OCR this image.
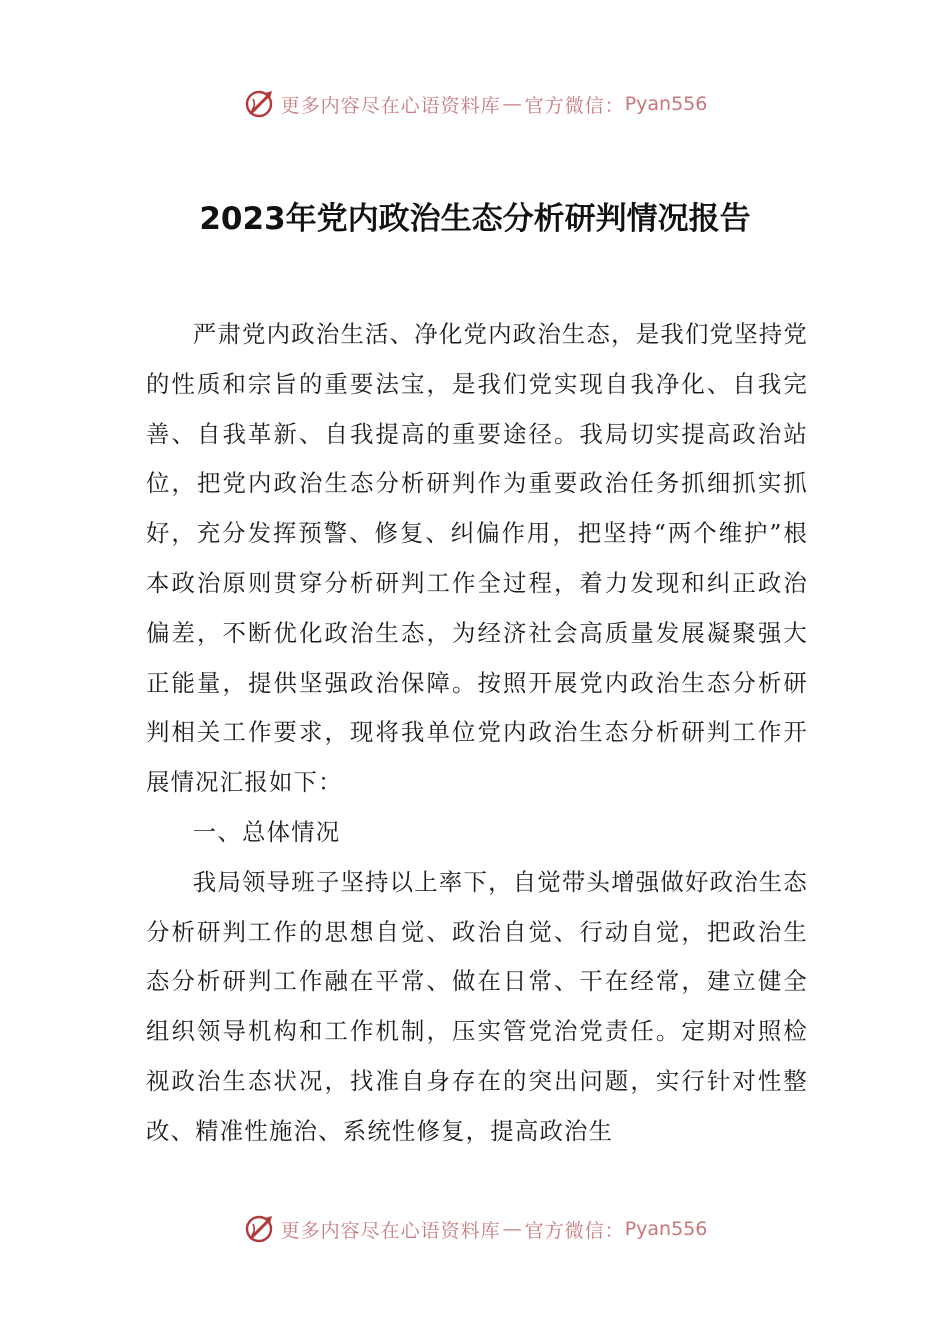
更多内容尽在心语资料库 — 官方微信： Pyan556
2023年党内政治生态分析研判情况报告

严肃党内政治生活、净化党内政治生态，是我们党坚持党的性质和宗旨的重要法宝，是我们党实现自我净化、自我完善、自我革新、自我提高的重要途径。我局切实提高政治站位，把党内政治生态分析研判作为重要政治任务抓细抓实抓好，充分发挥预警、修复、纠偏作用，把坚持“两个维护”根本政治原则贯穿分析研判工作全过程，着力发现和纠正政治偏差，不断优化政治生态，为经济社会高质量发展凝聚强大正能量，提供坚强政治保障。按照开展党内政治生态分析研判相关工作要求，现将我单位党内政治生态分析研判工作开展情况汇报如下：

一、总体情况

我局领导班子坚持以上率下，自觉带头增强做好政治生态分析研判工作的思想自觉、政治自觉、行动自觉，把政治生态分析研判工作融在平常、做在日常、干在经常，建立健全组织领导机构和工作机制，压实管党治党责任。定期对照检视政治生态状况，找准自身存在的突出问题，实行针对性整改、精准性施治、系统性修复，提高政治生

更多内容尽在心语资料库 — 官方微信： Pyan556
